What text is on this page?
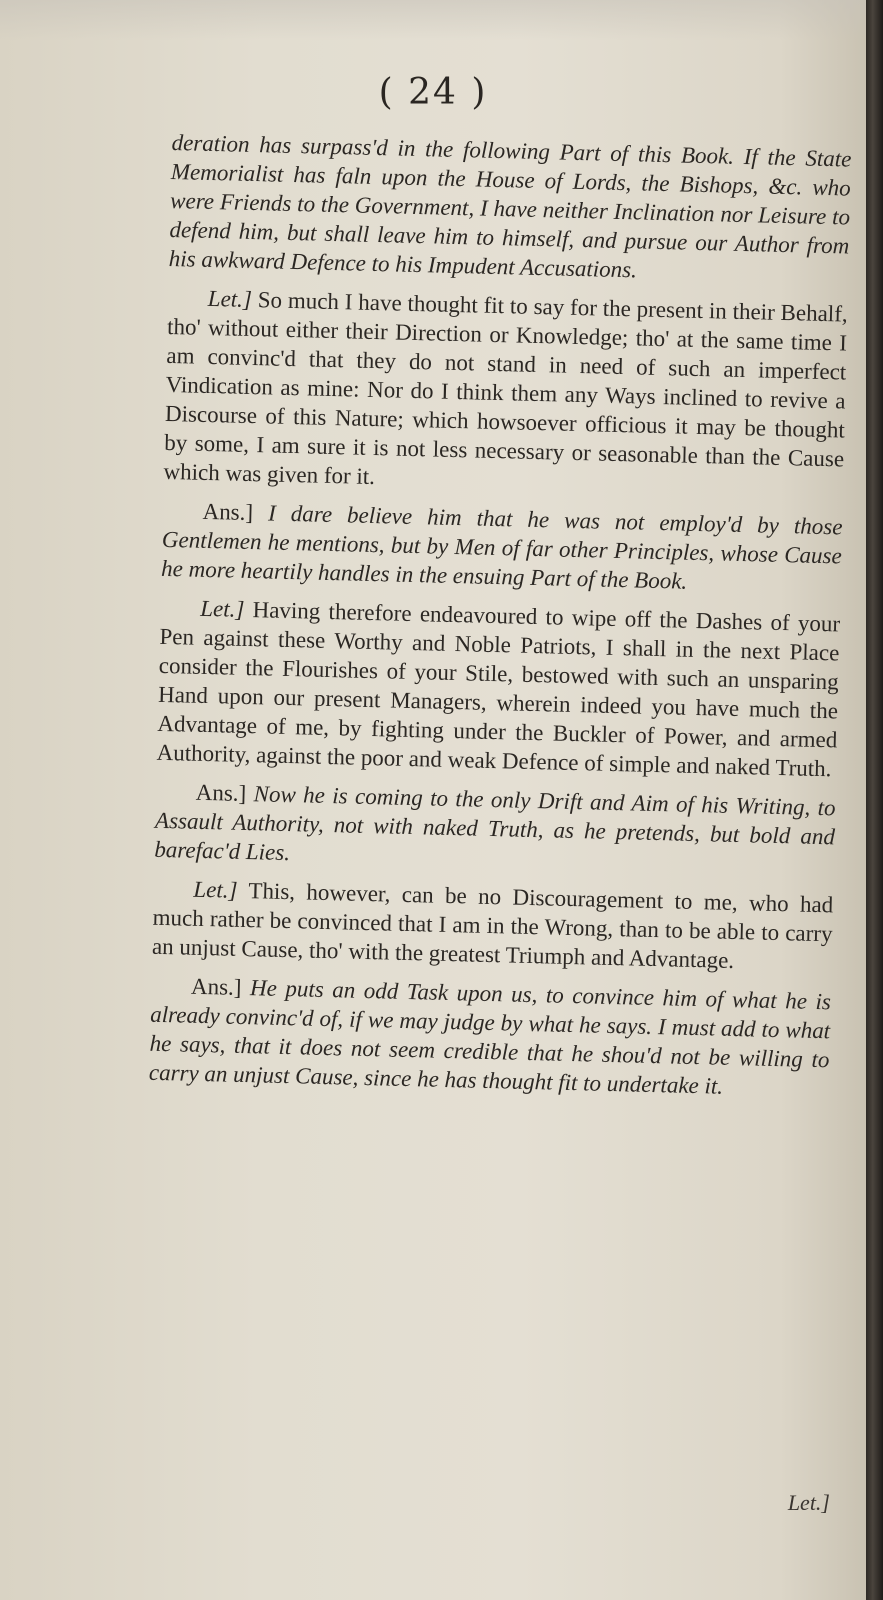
( 24 )

deration has surpass'd in the following Part of this Book. If the State Memorialist has faln upon the House of Lords, the Bishops, &c. who were Friends to the Government, I have neither Inclination nor Leisure to defend him, but shall leave him to himself, and pursue our Author from his awkward Defence to his Impudent Accusations.

Let.] So much I have thought fit to say for the present in their Behalf, tho' without either their Direction or Knowledge; tho' at the same time I am convinc'd that they do not stand in need of such an imperfect Vindication as mine: Nor do I think them any Ways inclined to revive a Discourse of this Nature; which howsoever officious it may be thought by some, I am sure it is not less necessary or seasonable than the Cause which was given for it.

Ans.] I dare believe him that he was not employ'd by those Gentlemen he mentions, but by Men of far other Principles, whose Cause he more heartily handles in the ensuing Part of the Book.

Let.] Having therefore endeavoured to wipe off the Dashes of your Pen against these Worthy and Noble Patriots, I shall in the next Place consider the Flourishes of your Stile, bestowed with such an unsparing Hand upon our present Managers, wherein indeed you have much the Advantage of me, by fighting under the Buckler of Power, and armed Authority, against the poor and weak Defence of simple and naked Truth.

Ans.] Now he is coming to the only Drift and Aim of his Writing, to Assault Authority, not with naked Truth, as he pretends, but bold and barefac'd Lies.

Let.] This, however, can be no Discouragement to me, who had much rather be convinced that I am in the Wrong, than to be able to carry an unjust Cause, tho' with the greatest Triumph and Advantage.

Ans.] He puts an odd Task upon us, to convince him of what he is already convinc'd of, if we may judge by what he says. I must add to what he says, that it does not seem credible that he shou'd not be willing to carry an unjust Cause, since he has thought fit to undertake it.

Let.]
